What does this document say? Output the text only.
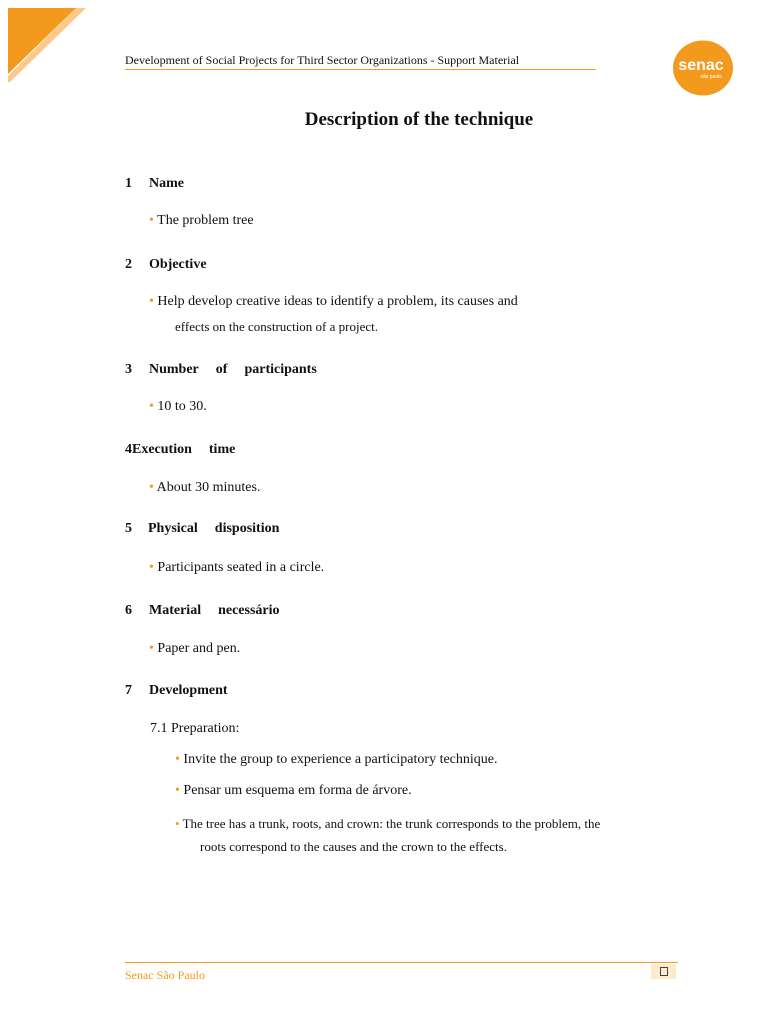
Development of Social Projects for Third Sector Organizations - Support Material	senac
são paulo
Description of the technique
1 Name
• The problem tree
2 Objective
• Help develop creative ideas to identify a problem, its causes and
effects on the construction of a project.
3 Number of participants
• 10 to 30.
4Execution time
• About 30 minutes.
5 Physical disposition
• Participants seated in a circle.
6 Material necessário
• Paper and pen.
7 Development
7.1 Preparation:
• Invite the group to experience a participatory technique.
• Pensar um esquema em forma de árvore.
• The tree has a trunk, roots, and crown: the trunk corresponds to the problem, the
roots correspond to the causes and the crown to the effects.
Senac São Paulo
